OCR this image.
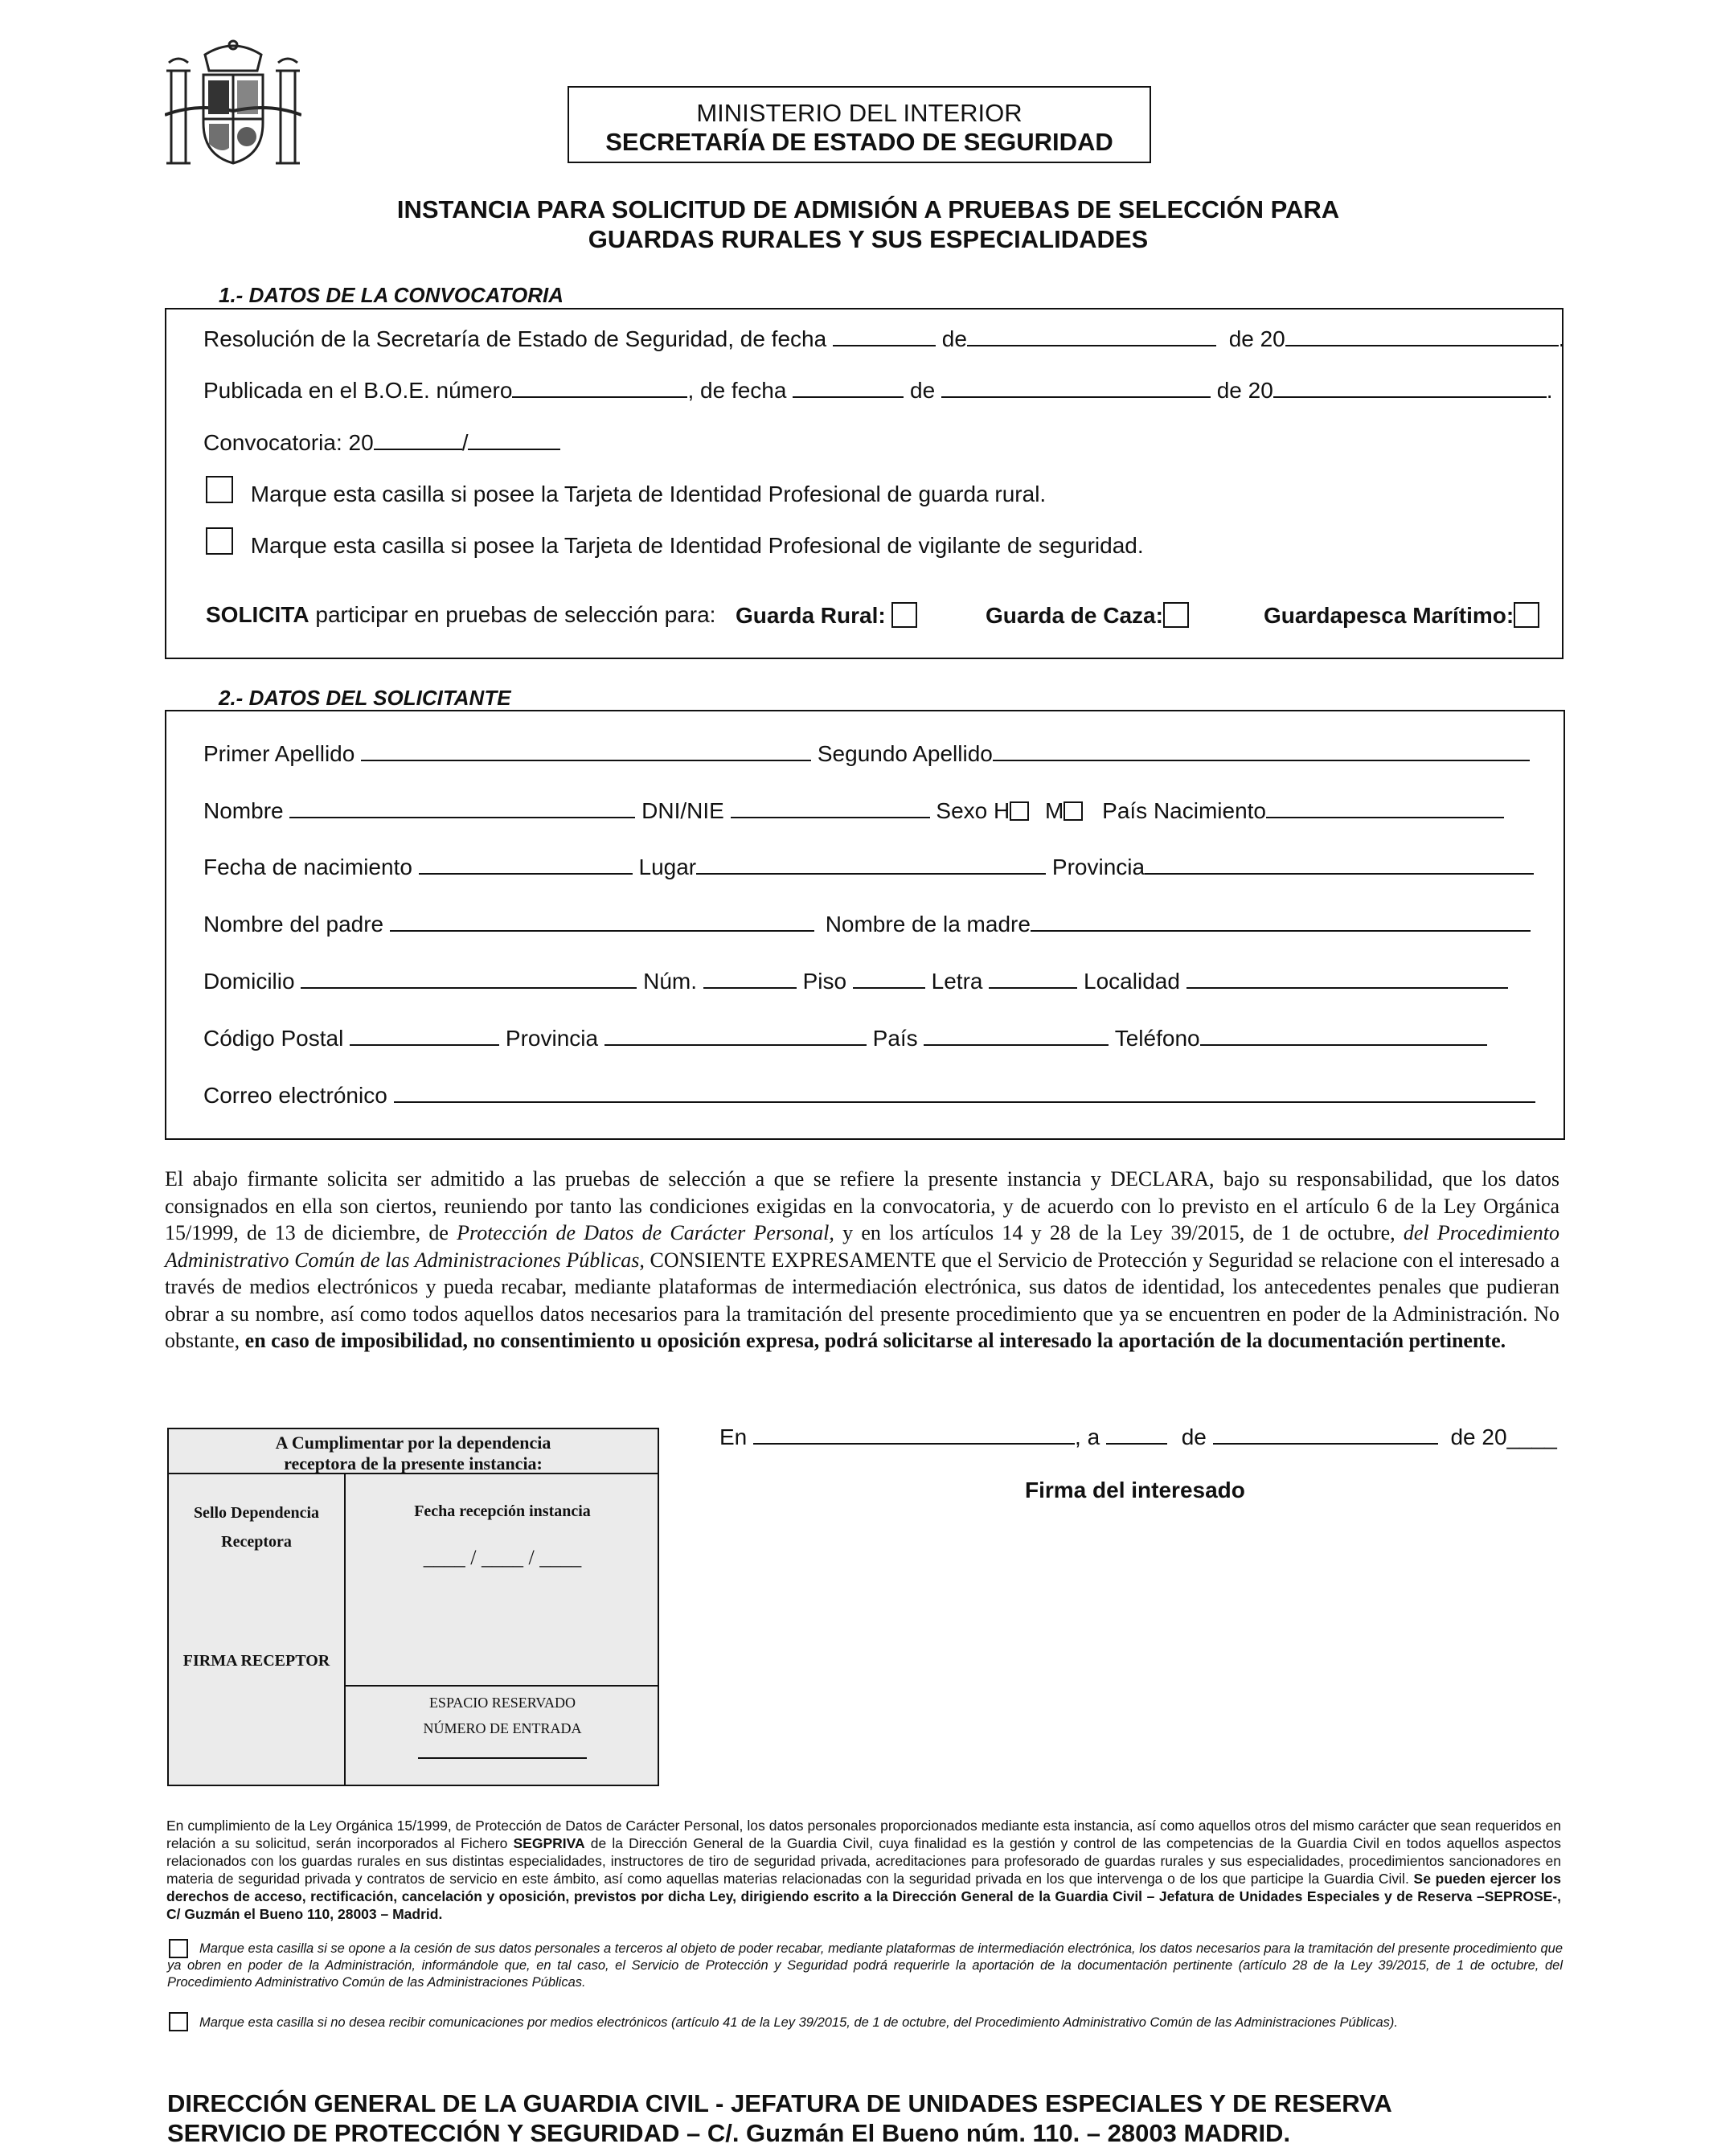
MINISTERIO DEL INTERIOR
SECRETARÍA DE ESTADO DE SEGURIDAD
INSTANCIA PARA SOLICITUD DE ADMISIÓN A PRUEBAS DE SELECCIÓN PARA
GUARDAS RURALES Y SUS ESPECIALIDADES
1.- DATOS DE LA CONVOCATORIA
Resolución de la Secretaría de Estado de Seguridad, de fecha	de	de 20	.
Publicada en el B.O.E. número	, de fecha	de	de 20	.
Convocatoria: 20	/
Marque esta casilla si posee la Tarjeta de Identidad Profesional de guarda rural.
Marque esta casilla si posee la Tarjeta de Identidad Profesional de vigilante de seguridad.
SOLICITA participar en pruebas de selección para: Guarda Rural:	Guarda de Caza:	Guardapesca Marítimo:
2.- DATOS DEL SOLICITANTE
Primer Apellido	Segundo Apellido
Nombre	DNI/NIE	Sexo H M País Nacimiento
Fecha de nacimiento	Lugar	Provincia
Nombre del padre	Nombre de la madre
Domicilio	Núm.	Piso	Letra	Localidad
Código Postal	Provincia	País	Teléfono
Correo electrónico
El abajo firmante solicita ser admitido a las pruebas de selección a que se refiere la presente instancia y DECLARA, bajo su responsabilidad, que los datos consignados en ella son ciertos, reuniendo por tanto las condiciones exigidas en la convocatoria, y de acuerdo con lo previsto en el artículo 6 de la Ley Orgánica 15/1999, de 13 de diciembre, de Protección de Datos de Carácter Personal, y en los artículos 14 y 28 de la Ley 39/2015, de 1 de octubre, del Procedimiento Administrativo Común de las Administraciones Públicas, CONSIENTE EXPRESAMENTE que el Servicio de Protección y Seguridad se relacione con el interesado a través de medios electrónicos y pueda recabar, mediante plataformas de intermediación electrónica, sus datos de identidad, los antecedentes penales que pudieran obrar a su nombre, así como todos aquellos datos necesarios para la tramitación del presente procedimiento que ya se encuentren en poder de la Administración. No obstante, en caso de imposibilidad, no consentimiento u oposición expresa, podrá solicitarse al interesado la aportación de la documentación pertinente.
A Cumplimentar por la dependencia
receptora de la presente instancia:
Sello Dependencia
Receptora
Fecha recepción instancia
____ / ____ / ____
FIRMA RECEPTOR
ESPACIO RESERVADO
NÚMERO DE ENTRADA
En	, a	de	de 20____
Firma del interesado
En cumplimiento de la Ley Orgánica 15/1999, de Protección de Datos de Carácter Personal, los datos personales proporcionados mediante esta instancia, así como aquellos otros del mismo carácter que sean requeridos en relación a su solicitud, serán incorporados al Fichero SEGPRIVA de la Dirección General de la Guardia Civil, cuya finalidad es la gestión y control de las competencias de la Guardia Civil en todos aquellos aspectos relacionados con los guardas rurales en sus distintas especialidades, instructores de tiro de seguridad privada, acreditaciones para profesorado de guardas rurales y sus especialidades, procedimientos sancionadores en materia de seguridad privada y contratos de servicio en este ámbito, así como aquellas materias relacionadas con la seguridad privada en los que intervenga o de los que participe la Guardia Civil. Se pueden ejercer los derechos de acceso, rectificación, cancelación y oposición, previstos por dicha Ley, dirigiendo escrito a la Dirección General de la Guardia Civil – Jefatura de Unidades Especiales y de Reserva –SEPROSE-, C/ Guzmán el Bueno 110, 28003 – Madrid.
Marque esta casilla si se opone a la cesión de sus datos personales a terceros al objeto de poder recabar, mediante plataformas de intermediación electrónica, los datos necesarios para la tramitación del presente procedimiento que ya obren en poder de la Administración, informándole que, en tal caso, el Servicio de Protección y Seguridad podrá requerirle la aportación de la documentación pertinente (artículo 28 de la Ley 39/2015, de 1 de octubre, del Procedimiento Administrativo Común de las Administraciones Públicas.
Marque esta casilla si no desea recibir comunicaciones por medios electrónicos (artículo 41 de la Ley 39/2015, de 1 de octubre, del Procedimiento Administrativo Común de las Administraciones Públicas).
DIRECCIÓN GENERAL DE LA GUARDIA CIVIL - JEFATURA DE UNIDADES ESPECIALES Y DE RESERVA
SERVICIO DE PROTECCIÓN Y SEGURIDAD – C/. Guzmán El Bueno núm. 110. – 28003 MADRID.
